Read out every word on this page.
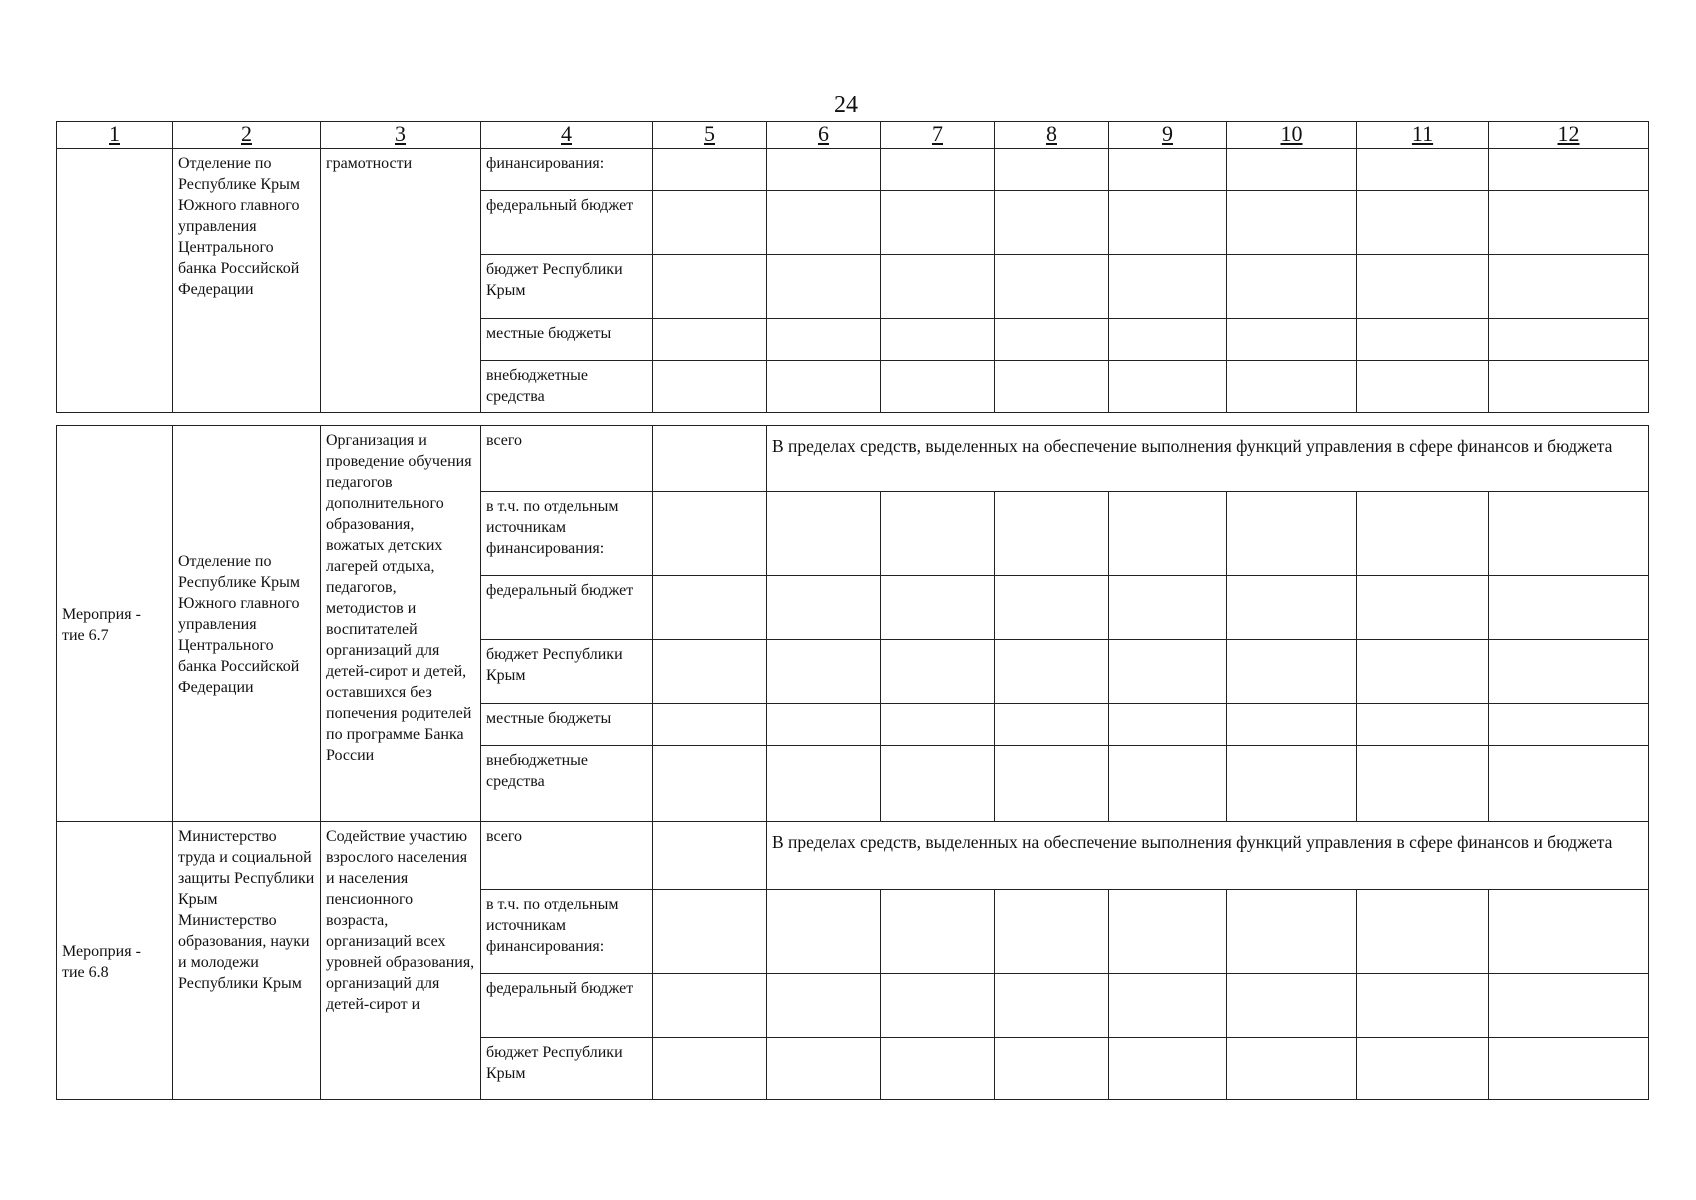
24
1	2	3	4	5	6	7	8	9	10	11	12
	Отделение по Республике Крым Южного главного управления Центрального банка Российской Федерации	грамотности	финансирования:								
			федеральный бюджет								
			бюджет Республики Крым								
			местные бюджеты								
			внебюджетные средства								

Мероприя - тие 6.7	Отделение по Республике Крым Южного главного управления Центрального банка Российской Федерации	Организация и проведение обучения педагогов дополнительного образования, вожатых детских лагерей отдыха, педагогов, методистов и воспитателей организаций для детей-сирот и детей, оставшихся без попечения родителей по программе Банка России	всего		В пределах средств, выделенных на обеспечение выполнения функций управления в сфере финансов и бюджета						
			в т.ч. по отдельным источникам финансирования:								
			федеральный бюджет								
			бюджет Республики Крым								
			местные бюджеты								
			внебюджетные средства								
Мероприя - тие 6.8	Министерство труда и социальной защиты Республики Крым Министерство образования, науки и молодежи Республики Крым	Содействие участию взрослого населения и населения пенсионного возраста, организаций всех уровней образования, организаций для детей-сирот и	всего		В пределах средств, выделенных на обеспечение выполнения функций управления в сфере финансов и бюджета						
			в т.ч. по отдельным источникам финансирования:								
			федеральный бюджет								
			бюджет Республики Крым								
